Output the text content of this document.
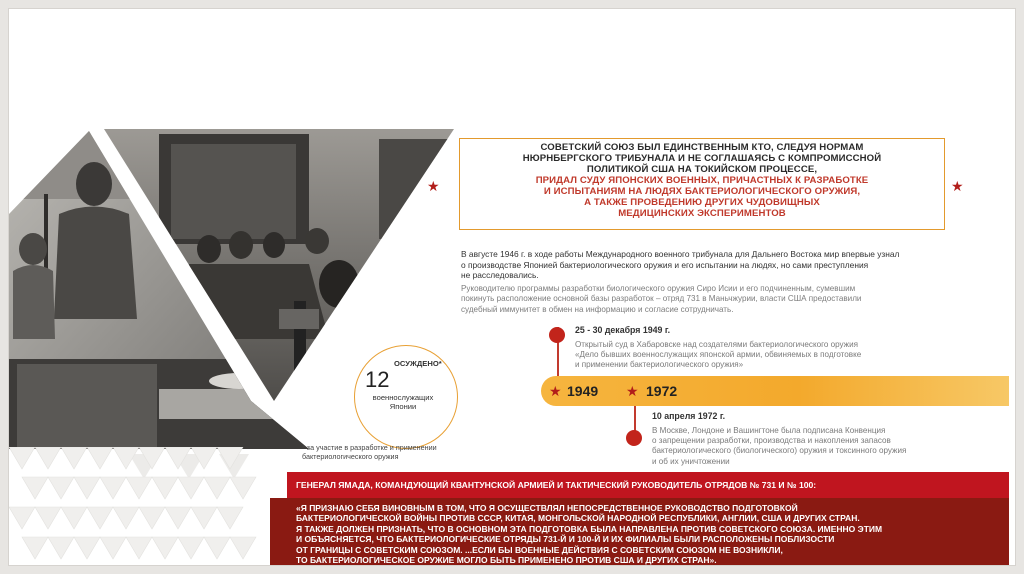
★	★
СОВЕТСКИЙ СОЮЗ БЫЛ ЕДИНСТВЕННЫМ КТО, СЛЕДУЯ НОРМАМ
НЮРНБЕРГСКОГО ТРИБУНАЛА И НЕ СОГЛАШАЯСЬ С КОМПРОМИССНОЙ
ПОЛИТИКОЙ США НА ТОКИЙСКОМ ПРОЦЕССЕ,
ПРИДАЛ СУДУ ЯПОНСКИХ ВОЕННЫХ, ПРИЧАСТНЫХ К РАЗРАБОТКЕ
И ИСПЫТАНИЯМ НА ЛЮДЯХ БАКТЕРИОЛОГИЧЕСКОГО ОРУЖИЯ,
А ТАКЖЕ ПРОВЕДЕНИЮ ДРУГИХ ЧУДОВИЩНЫХ
МЕДИЦИНСКИХ ЭКСПЕРИМЕНТОВ
В августе 1946 г. в ходе работы Международного военного трибунала для Дальнего Востока мир впервые узнал
о производстве Японией бактериологического оружия и его испытании на людях, но сами преступления
не расследовались.
Руководителю программы разработки биологического оружия Сиро Исии и его подчиненным, сумевшим
покинуть расположение основной базы разработок – отряд 731 в Маньчжурии, власти США предоставили
судебный иммунитет в обмен на информацию и согласие сотрудничать.
25 - 30 декабря 1949 г.
Открытый суд в Хабаровске над создателями бактериологического оружия
«Дело бывших военнослужащих японской армии, обвиняемых в подготовке
и применении бактериологического оружия»
★ 1949 ★ 1972
10 апреля 1972 г.
В Москве, Лондоне и Вашингтоне была подписана Конвенция
о запрещении разработки, производства и накопления запасов
бактериологического (биологического) оружия и токсинного оружия
и об их уничтожении
ОСУЖДЕНО*
12
военнослужащих
Японии
* за участие в разработке и применении
бактериологического оружия
ГЕНЕРАЛ ЯМАДА, КОМАНДУЮЩИЙ КВАНТУНСКОЙ АРМИЕЙ И ТАКТИЧЕСКИЙ РУКОВОДИТЕЛЬ ОТРЯДОВ № 731 И № 100:
«Я ПРИЗНАЮ СЕБЯ ВИНОВНЫМ В ТОМ, ЧТО Я ОСУЩЕСТВЛЯЛ НЕПОСРЕДСТВЕННОЕ РУКОВОДСТВО ПОДГОТОВКОЙ
БАКТЕРИОЛОГИЧЕСКОЙ ВОЙНЫ ПРОТИВ СССР, КИТАЯ, МОНГОЛЬСКОЙ НАРОДНОЙ РЕСПУБЛИКИ, АНГЛИИ, США И ДРУГИХ СТРАН.
Я ТАКЖЕ ДОЛЖЕН ПРИЗНАТЬ, ЧТО В ОСНОВНОМ ЭТА ПОДГОТОВКА БЫЛА НАПРАВЛЕНА ПРОТИВ СОВЕТСКОГО СОЮЗА. ИМЕННО ЭТИМ
И ОБЪЯСНЯЕТСЯ, ЧТО БАКТЕРИОЛОГИЧЕСКИЕ ОТРЯДЫ 731-Й И 100-Й И ИХ ФИЛИАЛЫ БЫЛИ РАСПОЛОЖЕНЫ ПОБЛИЗОСТИ
ОТ ГРАНИЦЫ С СОВЕТСКИМ СОЮЗОМ. ...ЕСЛИ БЫ ВОЕННЫЕ ДЕЙСТВИЯ С СОВЕТСКИМ СОЮЗОМ НЕ ВОЗНИКЛИ,
ТО БАКТЕРИОЛОГИЧЕСКОЕ ОРУЖИЕ МОГЛО БЫТЬ ПРИМЕНЕНО ПРОТИВ США И ДРУГИХ СТРАН».
